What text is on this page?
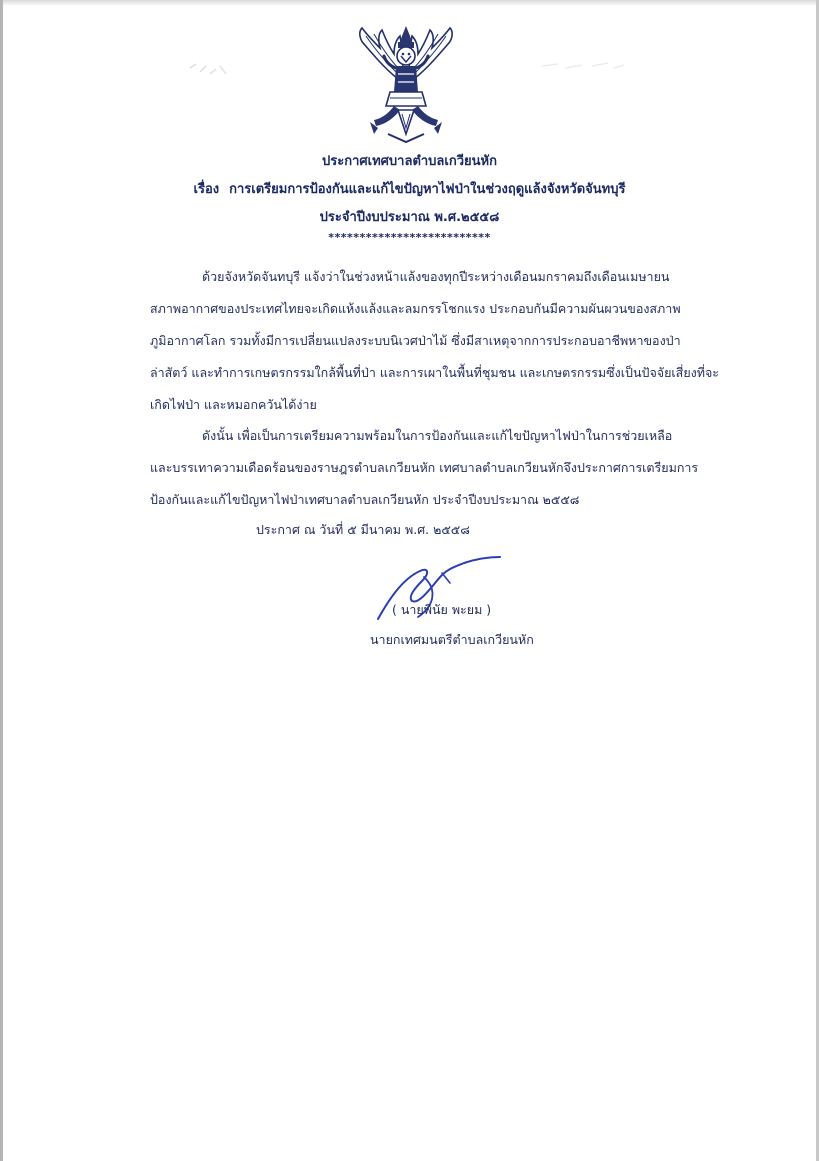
ประกาศเทศบาลตำบลเกวียนหัก
เรื่อง การเตรียมการป้องกันและแก้ไขปัญหาไฟป่าในช่วงฤดูแล้งจังหวัดจันทบุรี
ประจำปีงบประมาณ พ.ศ.๒๕๕๘
**************************
ด้วยจังหวัดจันทบุรี แจ้งว่าในช่วงหน้าแล้งของทุกปีระหว่างเดือนมกราคมถึงเดือนเมษายน
สภาพอากาศของประเทศไทยจะเกิดแห้งแล้งและลมกรรโชกแรง ประกอบกันมีความผันผวนของสภาพ
ภูมิอากาศโลก รวมทั้งมีการเปลี่ยนแปลงระบบนิเวศป่าไม้ ซึ่งมีสาเหตุจากการประกอบอาชีพหาของป่า
ล่าสัตว์ และทำการเกษตรกรรมใกล้พื้นที่ป่า และการเผาในพื้นที่ชุมชน และเกษตรกรรมซึ่งเป็นปัจจัยเสี่ยงที่จะ
เกิดไฟป่า และหมอกควันได้ง่าย
ดังนั้น เพื่อเป็นการเตรียมความพร้อมในการป้องกันและแก้ไขปัญหาไฟป่าในการช่วยเหลือ
และบรรเทาความเดือดร้อนของราษฎรตำบลเกวียนหัก เทศบาลตำบลเกวียนหักจึงประกาศการเตรียมการ
ป้องกันและแก้ไขปัญหาไฟป่าเทศบาลตำบลเกวียนหัก ประจำปีงบประมาณ ๒๕๕๘
ประกาศ ณ วันที่ ๕ มีนาคม พ.ศ. ๒๕๕๘
( นายพินัย พะยม )
นายกเทศมนตรีตำบลเกวียนหัก
